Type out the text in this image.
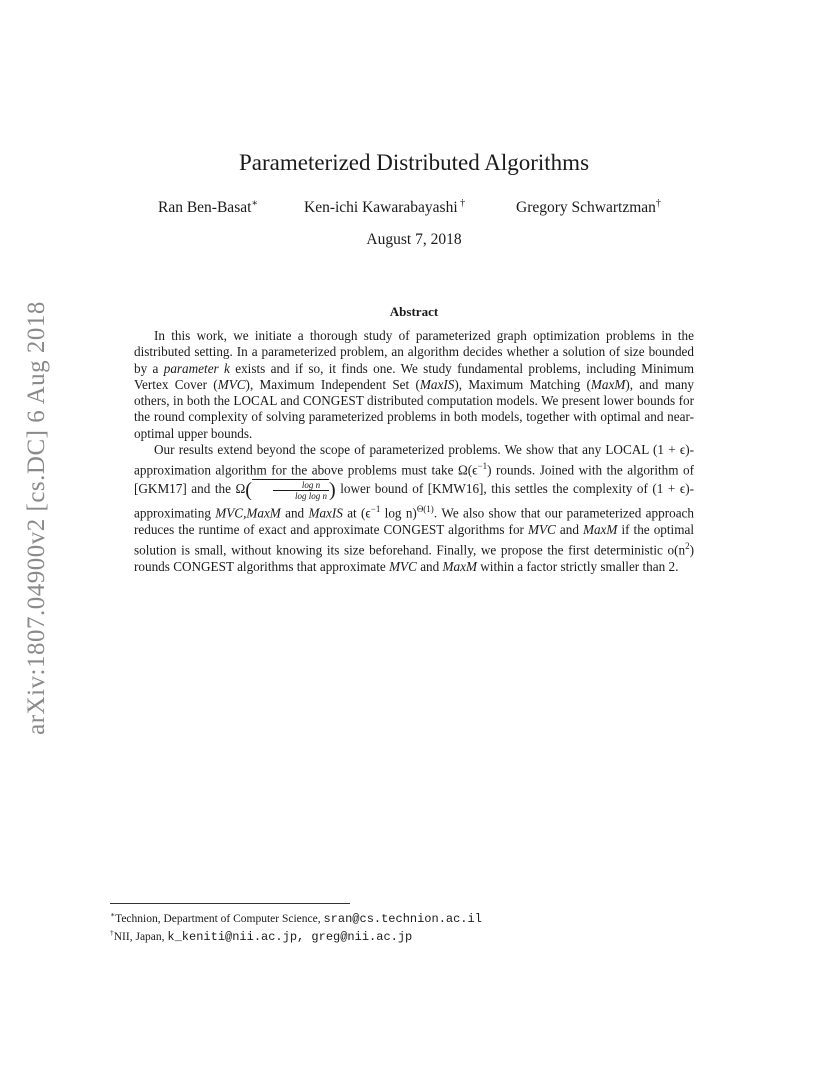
arXiv:1807.04900v2 [cs.DC] 6 Aug 2018
Parameterized Distributed Algorithms
Ran Ben-Basat∗	Ken-ichi Kawarabayashi †	Gregory Schwartzman†
August 7, 2018
Abstract

In this work, we initiate a thorough study of parameterized graph optimization problems in the distributed setting. In a parameterized problem, an algorithm decides whether a solution of size bounded by a parameter k exists and if so, it finds one. We study fundamental problems, including Minimum Vertex Cover (MVC), Maximum Independent Set (MaxIS), Maximum Matching (MaxM), and many others, in both the LOCAL and CONGEST distributed computation models. We present lower bounds for the round complexity of solving parameterized problems in both models, together with optimal and near-optimal upper bounds.

Our results extend beyond the scope of parameterized problems. We show that any LOCAL (1 + ϵ)-approximation algorithm for the above problems must take $\Omega(\epsilon^{-1})$ rounds. Joined with the algorithm of [GKM17] and the $\Omega( \frac{\text{log n}}{\text{log log n}}$ ) lower bound of [KMW16], this settles the complexity of (1 + ϵ)-approximating MVC,MaxM and MaxIS at ($\epsilon^{-1}$ log n)$^{\Theta(1)}$. We also show that our parameterized approach reduces the runtime of exact and approximate CONGEST algorithms for MVC and MaxM if the optimal solution is small, without knowing its size beforehand. Finally, we propose the first deterministic $o(n^2)$ rounds CONGEST algorithms that approximate MVC and MaxM within a factor strictly smaller than 2.

∗Technion, Department of Computer Science, sran@cs.technion.ac.il
†NII, Japan, k_keniti@nii.ac.jp, greg@nii.ac.jp
